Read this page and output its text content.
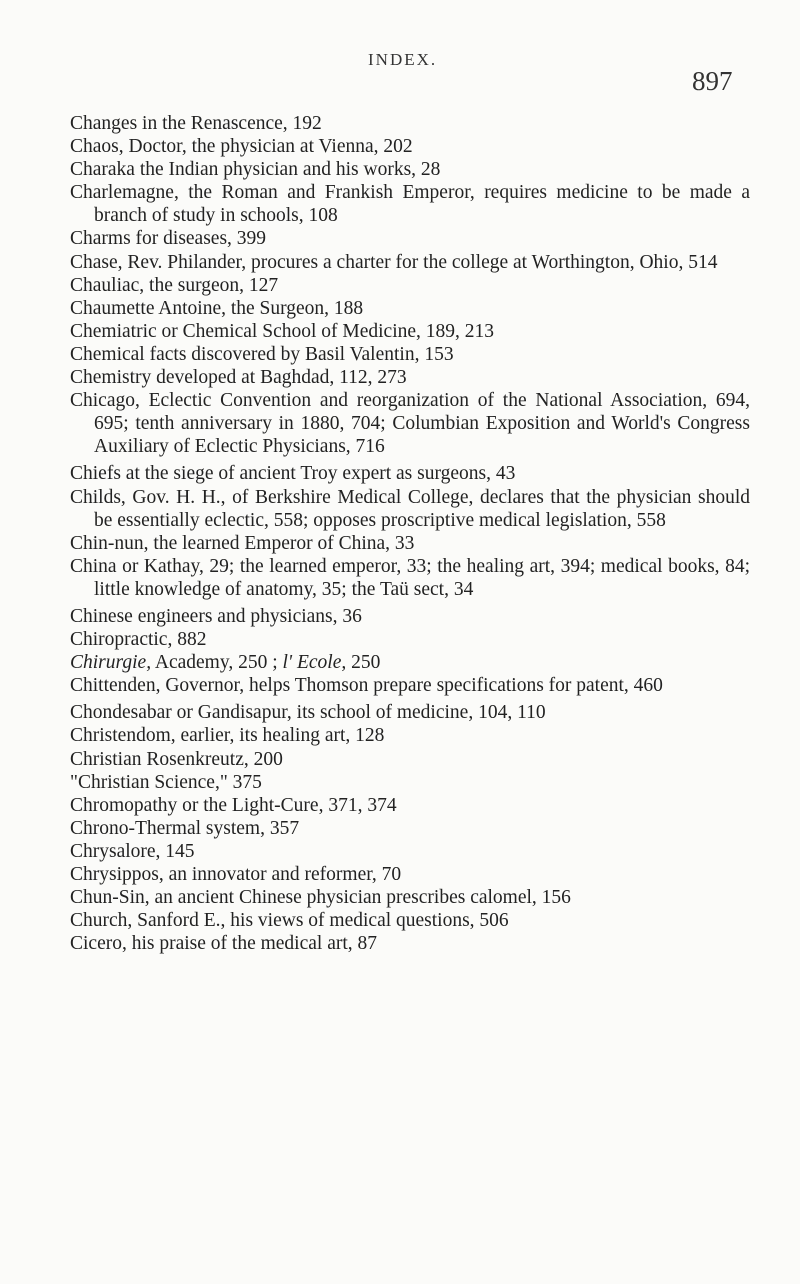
INDEX.
897
Changes in the Renascence, 192
Chaos, Doctor, the physician at Vienna, 202
Charaka the Indian physician and his works, 28
Charlemagne, the Roman and Frankish Emperor, requires medicine to be made a branch of study in schools, 108
Charms for diseases, 399
Chase, Rev. Philander, procures a charter for the college at Worthington, Ohio, 514
Chauliac, the surgeon, 127
Chaumette Antoine, the Surgeon, 188
Chemiatric or Chemical School of Medicine, 189, 213
Chemical facts discovered by Basil Valentin, 153
Chemistry developed at Baghdad, 112, 273
Chicago, Eclectic Convention and reorganization of the National Association, 694, 695; tenth anniversary in 1880, 704; Columbian Exposition and World's Congress Auxiliary of Eclectic Physicians, 716
Chiefs at the siege of ancient Troy expert as surgeons, 43
Childs, Gov. H. H., of Berkshire Medical College, declares that the physician should be essentially eclectic, 558; opposes proscriptive medical legislation, 558
Chin-nun, the learned Emperor of China, 33
China or Kathay, 29; the learned emperor, 33; the healing art, 394; medical books, 84; little knowledge of anatomy, 35; the Taü sect, 34
Chinese engineers and physicians, 36
Chiropractic, 882
Chirurgie, Academy, 250 ; l' Ecole, 250
Chittenden, Governor, helps Thomson prepare specifications for patent, 460
Chondesabar or Gandisapur, its school of medicine, 104, 110
Christendom, earlier, its healing art, 128
Christian Rosenkreutz, 200
"Christian Science," 375
Chromopathy or the Light-Cure, 371, 374
Chrono-Thermal system, 357
Chrysalore, 145
Chrysippos, an innovator and reformer, 70
Chun-Sin, an ancient Chinese physician prescribes calomel, 156
Church, Sanford E., his views of medical questions, 506
Cicero, his praise of the medical art, 87
